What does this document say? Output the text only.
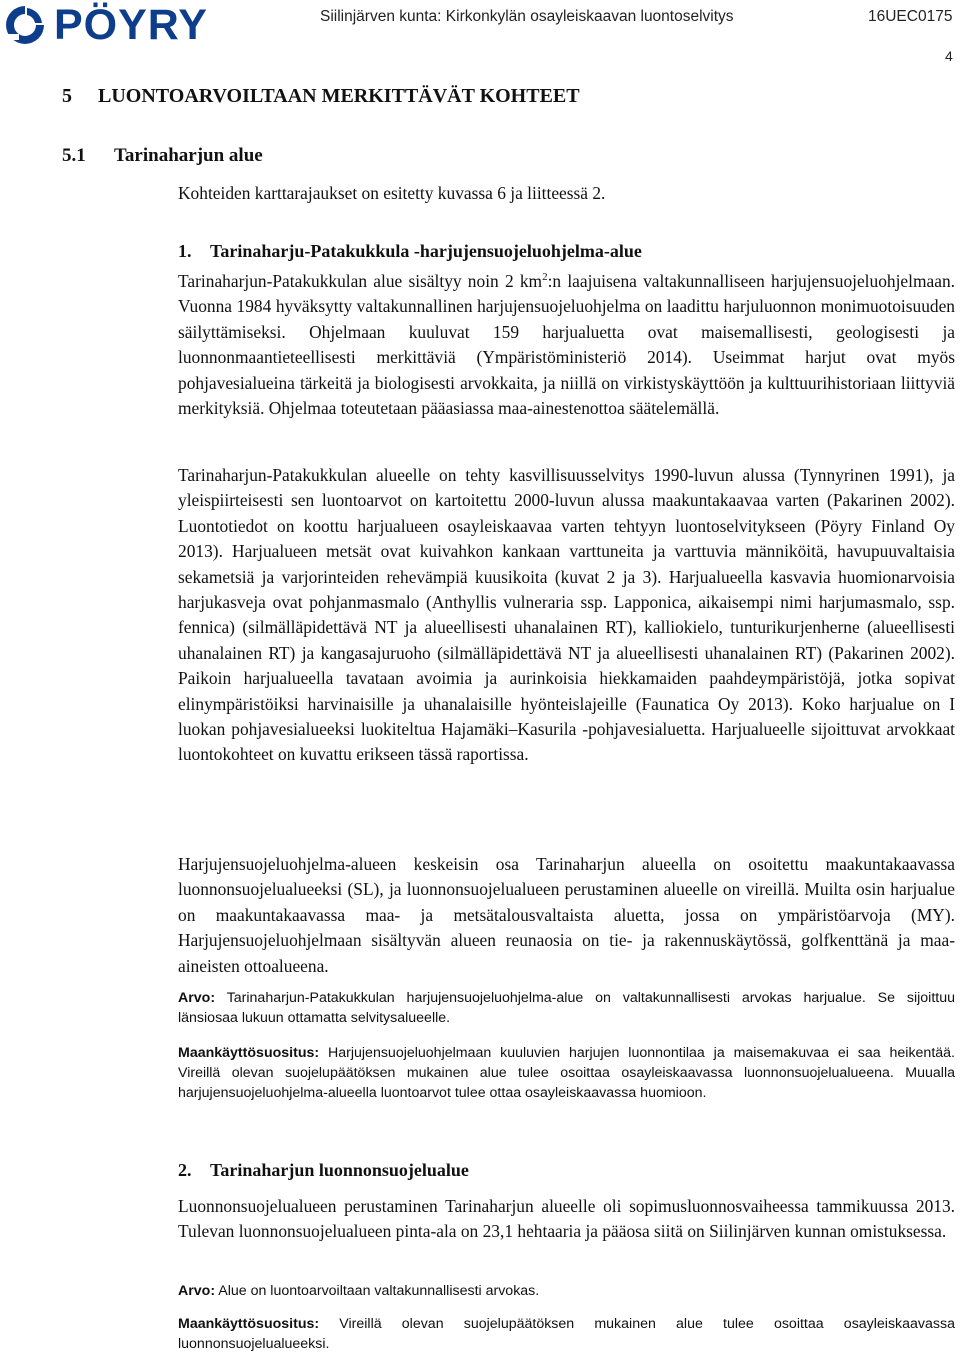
PÖYRY	Siilinjärven kunta: Kirkonkylän osayleiskaavan luontoselvitys	16UEC0175
4
5 LUONTOARVOILTAAN MERKITTÄVÄT KOHTEET
5.1 Tarinaharjun alue
Kohteiden karttarajaukset on esitetty kuvassa 6 ja liitteessä 2.
1. Tarinaharju-Patakukkula -harjujensuojeluohjelma-alue
Tarinaharjun-Patakukkulan alue sisältyy noin 2 $km^2:n$ laajuisena valtakunnalliseen harjujensuojeluohjelmaan. Vuonna 1984 hyväksytty valtakunnallinen harjujensuojeluohjelma on laadittu harjuluonnon monimuotoisuuden säilyttämiseksi. Ohjelmaan kuuluvat 159 harjualuetta ovat maisemallisesti, geologisesti ja luonnonmaantieteellisesti merkittäviä (Ympäristöministeriö 2014). Useimmat harjut ovat myös pohjavesialueina tärkeitä ja biologisesti arvokkaita, ja niillä on virkistyskäyttöön ja kulttuurihistoriaan liittyviä merkityksiä. Ohjelmaa toteutetaan pääasiassa maa-ainestenottoa säätelemällä.
Tarinaharjun-Patakukkulan alueelle on tehty kasvillisuusselvitys 1990-luvun alussa (Tynnyrinen 1991), ja yleispiirteisesti sen luontoarvot on kartoitettu 2000-luvun alussa maakuntakaavaa varten (Pakarinen 2002). Luontotiedot on koottu harjualueen osayleiskaavaa varten tehtyyn luontoselvitykseen (Pöyry Finland Oy 2013). Harjualueen metsät ovat kuivahkon kankaan varttuneita ja varttuvia männiköitä, havupuuvaltaisia sekametsiä ja varjorinteiden rehevämpiä kuusikoita (kuvat 2 ja 3). Harjualueella kasvavia huomionarvoisia harjukasveja ovat pohjanmasmalo (Anthyllis vulneraria ssp. Lapponica, aikaisempi nimi harjumasmalo, ssp. fennica) (silmälläpidettävä NT ja alueellisesti uhanalainen RT), kalliokielo, tunturikurjenherne (alueellisesti uhanalainen RT) ja kangasajuruoho (silmälläpidettävä NT ja alueellisesti uhanalainen RT) (Pakarinen 2002). Paikoin harjualueella tavataan avoimia ja aurinkoisia hiekkamaiden paahdeympäristöjä, jotka sopivat elinympäristöiksi harvinaisille ja uhanalaisille hyönteislajeille (Faunatica Oy 2013). Koko harjualue on I luokan pohjavesialueeksi luokiteltua Hajamäki–Kasurila -pohjavesialuetta. Harjualueelle sijoittuvat arvokkaat luontokohteet on kuvattu erikseen tässä raportissa.
Harjujensuojeluohjelma-alueen keskeisin osa Tarinaharjun alueella on osoitettu maakuntakaavassa luonnonsuojelualueeksi (SL), ja luonnonsuojelualueen perustaminen alueelle on vireillä. Muilta osin harjualue on maakuntakaavassa maa- ja metsätalousvaltaista aluetta, jossa on ympäristöarvoja (MY). Harjujensuojeluohjelmaan sisältyvän alueen reunaosia on tie- ja rakennuskäytössä, golfkenttänä ja maa-aineisten ottoalueena.
Arvo: Tarinaharjun-Patakukkulan harjujensuojeluohjelma-alue on valtakunnallisesti arvokas harjualue. Se sijoittuu länsiosaa lukuun ottamatta selvitysalueelle.
Maankäyttösuositus: Harjujensuojeluohjelmaan kuuluvien harjujen luonnontilaa ja maisemakuvaa ei saa heikentää. Vireillä olevan suojelupäätöksen mukainen alue tulee osoittaa osayleiskaavassa luonnonsuojelualueena. Muualla harjujensuojeluohjelma-alueella luontoarvot tulee ottaa osayleiskaavassa huomioon.
2. Tarinaharjun luonnonsuojelualue
Luonnonsuojelualueen perustaminen Tarinaharjun alueelle oli sopimusluonnosvaiheessa tammikuussa 2013. Tulevan luonnonsuojelualueen pinta-ala on 23,1 hehtaaria ja pääosa siitä on Siilinjärven kunnan omistuksessa.
Arvo: Alue on luontoarvoiltaan valtakunnallisesti arvokas.
Maankäyttösuositus: Vireillä olevan suojelupäätöksen mukainen alue tulee osoittaa osayleiskaavassa luonnonsuojelualueeksi.
